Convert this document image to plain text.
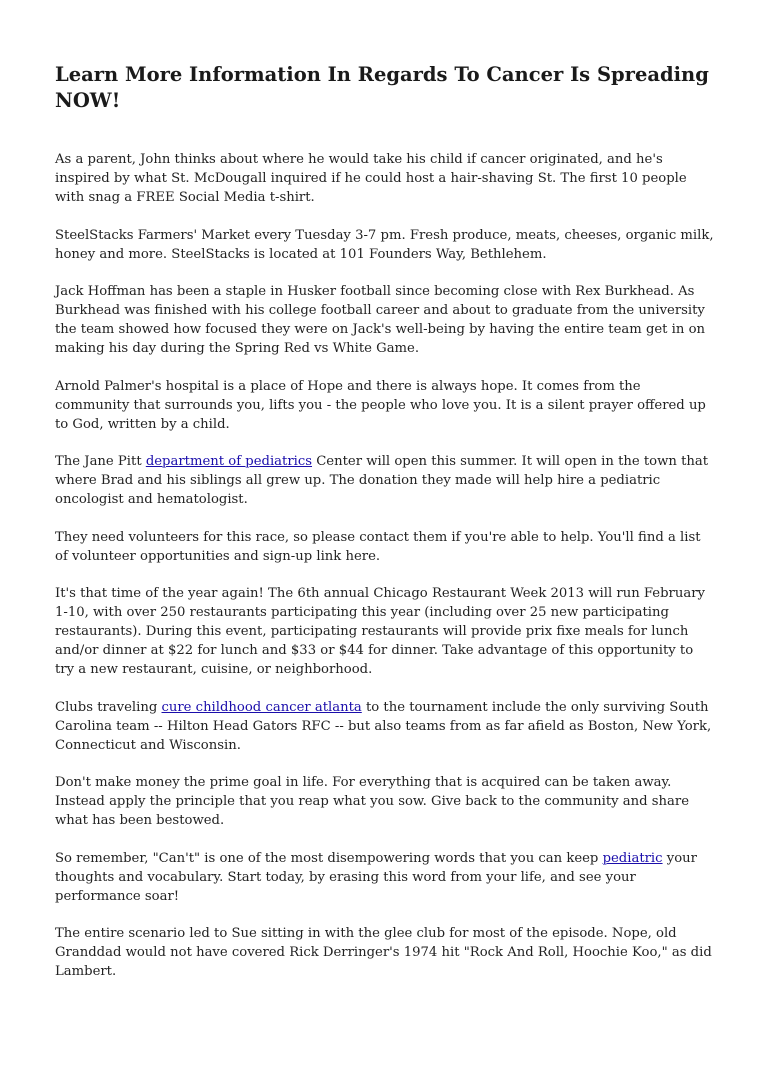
Learn More Information In Regards To Cancer Is Spreading NOW!

As a parent, John thinks about where he would take his child if cancer originated, and he's inspired by what St. McDougall inquired if he could host a hair-shaving St. The first 10 people with snag a FREE Social Media t-shirt.

SteelStacks Farmers' Market every Tuesday 3-7 pm. Fresh produce, meats, cheeses, organic milk, honey and more. SteelStacks is located at 101 Founders Way, Bethlehem.

Jack Hoffman has been a staple in Husker football since becoming close with Rex Burkhead. As Burkhead was finished with his college football career and about to graduate from the university the team showed how focused they were on Jack's well-being by having the entire team get in on making his day during the Spring Red vs White Game.

Arnold Palmer's hospital is a place of Hope and there is always hope. It comes from the community that surrounds you, lifts you - the people who love you. It is a silent prayer offered up to God, written by a child.

The Jane Pitt department of pediatrics Center will open this summer. It will open in the town that where Brad and his siblings all grew up. The donation they made will help hire a pediatric oncologist and hematologist.

They need volunteers for this race, so please contact them if you're able to help. You'll find a list of volunteer opportunities and sign-up link here.

It's that time of the year again! The 6th annual Chicago Restaurant Week 2013 will run February 1-10, with over 250 restaurants participating this year (including over 25 new participating restaurants). During this event, participating restaurants will provide prix fixe meals for lunch and/or dinner at $22 for lunch and $33 or $44 for dinner. Take advantage of this opportunity to try a new restaurant, cuisine, or neighborhood.

Clubs traveling cure childhood cancer atlanta to the tournament include the only surviving South Carolina team -- Hilton Head Gators RFC -- but also teams from as far afield as Boston, New York, Connecticut and Wisconsin.

Don't make money the prime goal in life. For everything that is acquired can be taken away. Instead apply the principle that you reap what you sow. Give back to the community and share what has been bestowed.

So remember, "Can't" is one of the most disempowering words that you can keep pediatric your thoughts and vocabulary. Start today, by erasing this word from your life, and see your performance soar!

The entire scenario led to Sue sitting in with the glee club for most of the episode. Nope, old Granddad would not have covered Rick Derringer's 1974 hit "Rock And Roll, Hoochie Koo," as did Lambert.
